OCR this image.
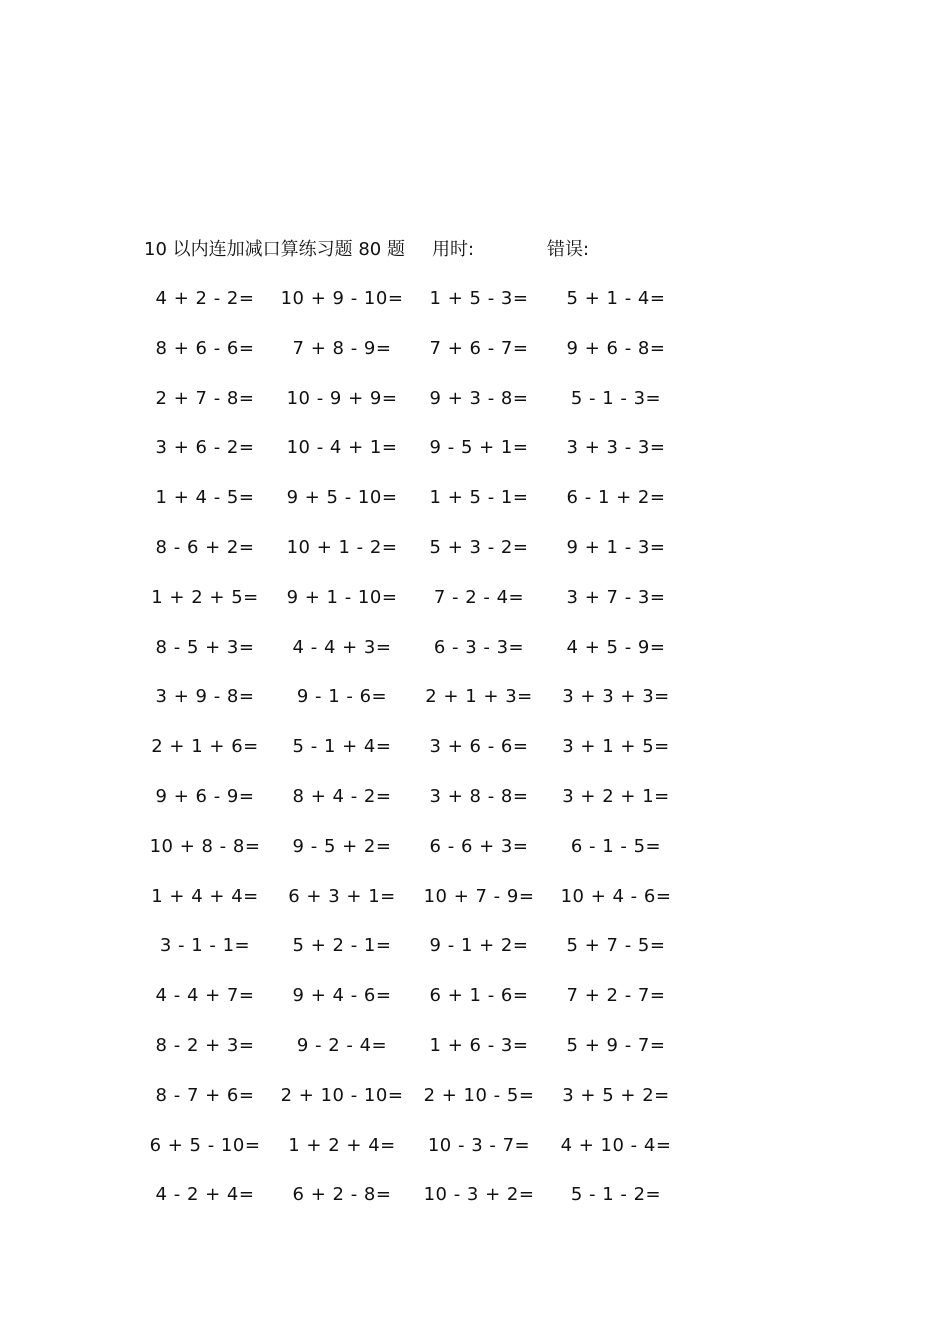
10 以内连加减口算练习题 80 题 用时:	错误:
4 + 2 - 2=	10 + 9 - 10=	1 + 5 - 3=	5 + 1 - 4=
8 + 6 - 6=	7 + 8 - 9=	7 + 6 - 7=	9 + 6 - 8=
2 + 7 - 8=	10 - 9 + 9=	9 + 3 - 8=	5 - 1 - 3=
3 + 6 - 2=	10 - 4 + 1=	9 - 5 + 1=	3 + 3 - 3=
1 + 4 - 5=	9 + 5 - 10=	1 + 5 - 1=	6 - 1 + 2=
8 - 6 + 2=	10 + 1 - 2=	5 + 3 - 2=	9 + 1 - 3=
1 + 2 + 5=	9 + 1 - 10=	7 - 2 - 4=	3 + 7 - 3=
8 - 5 + 3=	4 - 4 + 3=	6 - 3 - 3=	4 + 5 - 9=
3 + 9 - 8=	9 - 1 - 6=	2 + 1 + 3=	3 + 3 + 3=
2 + 1 + 6=	5 - 1 + 4=	3 + 6 - 6=	3 + 1 + 5=
9 + 6 - 9=	8 + 4 - 2=	3 + 8 - 8=	3 + 2 + 1=
10 + 8 - 8=	9 - 5 + 2=	6 - 6 + 3=	6 - 1 - 5=
1 + 4 + 4=	6 + 3 + 1=	10 + 7 - 9=	10 + 4 - 6=
3 - 1 - 1=	5 + 2 - 1=	9 - 1 + 2=	5 + 7 - 5=
4 - 4 + 7=	9 + 4 - 6=	6 + 1 - 6=	7 + 2 - 7=
8 - 2 + 3=	9 - 2 - 4=	1 + 6 - 3=	5 + 9 - 7=
8 - 7 + 6=	2 + 10 - 10=	2 + 10 - 5=	3 + 5 + 2=
6 + 5 - 10=	1 + 2 + 4=	10 - 3 - 7=	4 + 10 - 4=
4 - 2 + 4=	6 + 2 - 8=	10 - 3 + 2=	5 - 1 - 2=
